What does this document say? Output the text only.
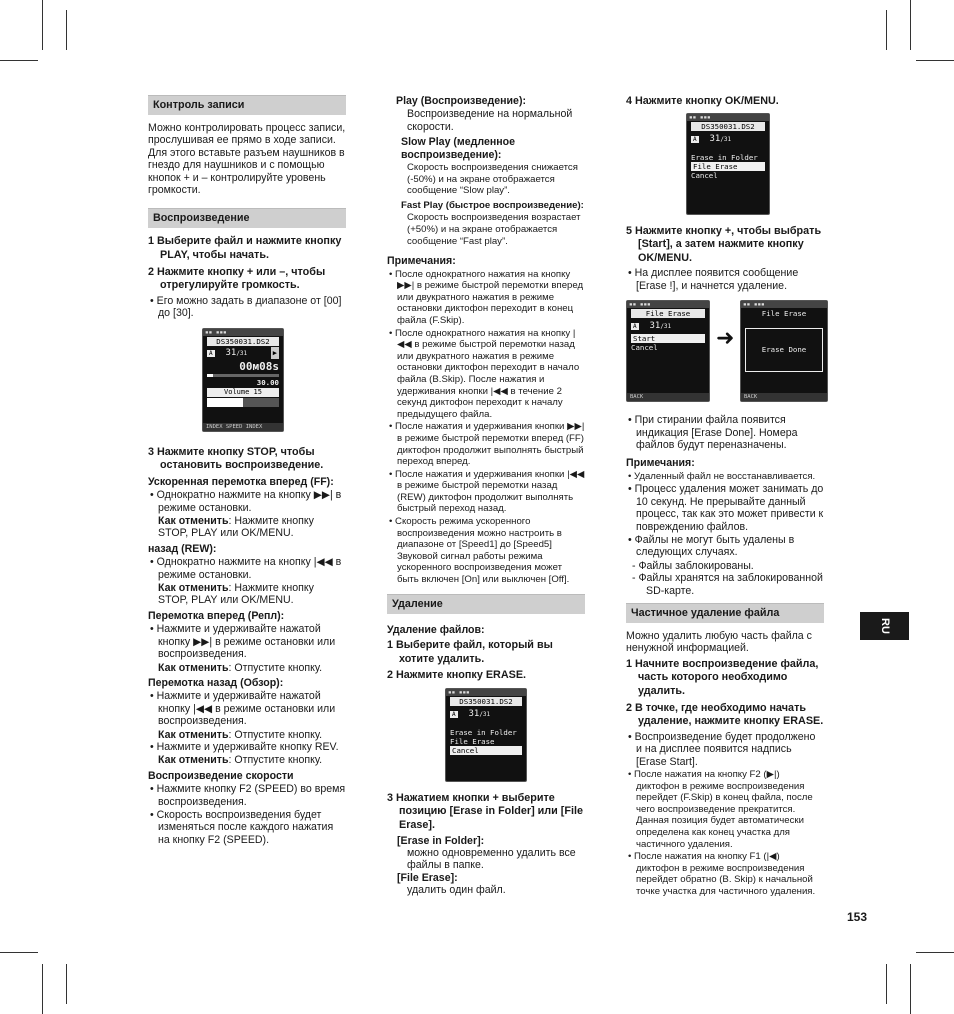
Контроль записи
Можно контролировать процесс записи, прослушивая ее прямо в ходе записи. Для этого вставьте разъем наушников в гнездо для наушников и с помощью кнопок + и – контролируйте уровень громкости.
Воспроизведение
1 Выберите файл и нажмите кнопку PLAY, чтобы начать.
2 Нажмите кнопку + или –, чтобы отрегулируйте громкость.
• Его можно задать в диапазоне от [00] до [30].
▪▪ ▪▪▪
DS350031.DS2
A 31/31	▶
00м08s
30.00
Volume 15
INDEX SPEED INDEX
3 Нажмите кнопку STOP, чтобы остановить воспроизведение.
Ускоренная перемотка вперед (FF):
• Однократно нажмите на кнопку ▶▶| в режиме остановки.
Как отменить: Нажмите кнопку STOP, PLAY или OK/MENU.
назад (REW):
• Однократно нажмите на кнопку |◀◀ в режиме остановки.
Как отменить: Нажмите кнопку STOP, PLAY или OK/MENU.
Перемотка вперед (Репл):
• Нажмите и удерживайте нажатой кнопку ▶▶| в режиме остановки или воспроизведения.
Как отменить: Отпустите кнопку.
Перемотка назад (Обзор):
• Нажмите и удерживайте нажатой кнопку |◀◀ в режиме остановки или воспроизведения.
Как отменить: Отпустите кнопку.
• Нажмите и удерживайте кнопку REV.
Как отменить: Отпустите кнопку.
Воспроизведение скорости
• Нажмите кнопку F2 (SPEED) во время воспроизведения.
• Скорость воспроизведения будет изменяться после каждого нажатия на кнопку F2 (SPEED).
Play (Воспроизведение):
Воспроизведение на нормальной скорости.
Slow Play (медленное воспроизведение):
Скорость воспроизведения снижается (-50%) и на экране отображается сообщение “Slow play”.
Fast Play (быстрое воспроизведение):
Скорость воспроизведения возрастает (+50%) и на экране отображается сообщение “Fast play”.
Примечания:
• После однократного нажатия на кнопку ▶▶| в режиме быстрой перемотки вперед или двукратного нажатия в режиме остановки диктофон переходит в конец файла (F.Skip).
• После однократного нажатия на кнопку |◀◀ в режиме быстрой перемотки назад или двукратного нажатия в режиме остановки диктофон переходит в начало файла (B.Skip). После нажатия и удерживания кнопки |◀◀ в течение 2 секунд диктофон переходит к началу предыдущего файла.
• После нажатия и удерживания кнопки ▶▶| в режиме быстрой перемотки вперед (FF) диктофон продолжит выполнять быстрый переход вперед.
• После нажатия и удерживания кнопки |◀◀ в режиме быстрой перемотки назад (REW) диктофон продолжит выполнять быстрый переход назад.
• Скорость режима ускоренного воспроизведения можно настроить в диапазоне от [Speed1] до [Speed5] Звуковой сигнал работы режима ускоренного воспроизведения может быть включен [On] или выключен [Off].
Удаление
Удаление файлов:
1 Выберите файл, который вы хотите удалить.
2 Нажмите кнопку ERASE.
▪▪ ▪▪▪
DS350031.DS2
A 31/31
Erase in Folder
File Erase
Cancel
3 Нажатием кнопки + выберите позицию [Erase in Folder] или [File Erase].
[Erase in Folder]:
можно одновременно удалить все файлы в папке.
[File Erase]:
удалить один файл.
4 Нажмите кнопку OK/MENU.
▪▪ ▪▪▪
DS350031.DS2
A 31/31
Erase in Folder
File Erase
Cancel
5 Нажмите кнопку +, чтобы выбрать [Start], а затем нажмите кнопку OK/MENU.
• На дисплее появится сообщение [Erase !], и начнется удаление.
▪▪ ▪▪▪
File Erase
A 31/31
Start
Cancel
BACK
➜
▪▪ ▪▪▪
File Erase
Erase Done
BACK
• При стирании файла появится индикация [Erase Done]. Номера файлов будут переназначены.
Примечания:
• Удаленный файл не восстанавливается.
• Процесс удаления может занимать до 10 секунд. Не прерывайте данный процесс, так как это может привести к повреждению файлов.
• Файлы не могут быть удалены в следующих случаях.
- Файлы заблокированы.
- Файлы хранятся на заблокированной SD-карте.
Частичное удаление файла
Можно удалить любую часть файла с ненужной информацией.
1 Начните воспроизведение файла, часть которого необходимо удалить.
2 В точке, где необходимо начать удаление, нажмите кнопку ERASE.
• Воспроизведение будет продолжено и на дисплее появится надпись [Erase Start].
• После нажатия на кнопку F2 (▶|) диктофон в режиме воспроизведения перейдет (F.Skip) в конец файла, после чего воспроизведение прекратится. Данная позиция будет автоматически определена как конец участка для частичного удаления.
• После нажатия на кнопку F1 (|◀) диктофон в режиме воспроизведения перейдет обратно (B. Skip) к начальной точке участка для частичного удаления.
RU
153
